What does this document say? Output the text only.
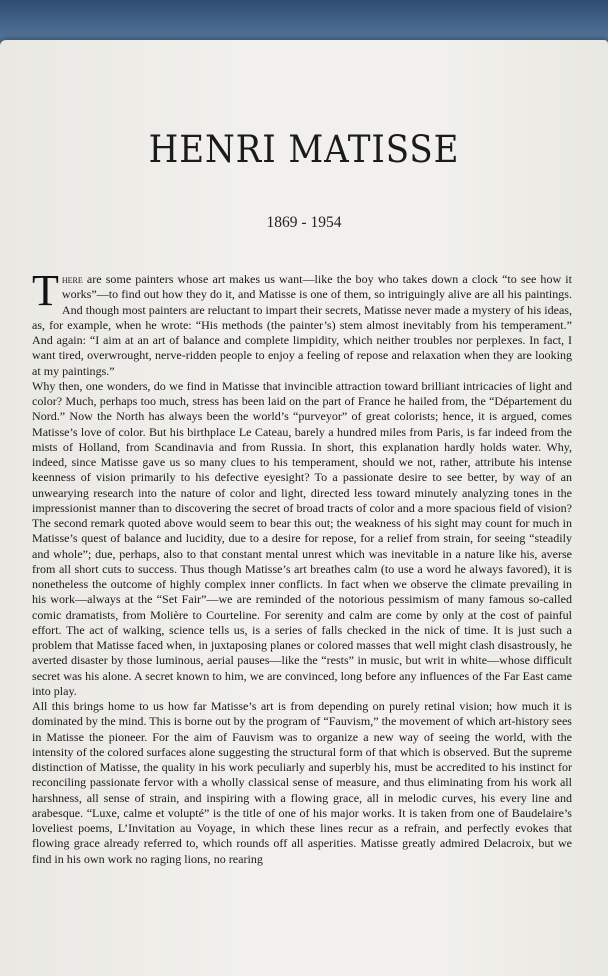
HENRI MATISSE
1869 - 1954

There are some painters whose art makes us want—like the boy who takes down a clock “to see how it works”—to find out how they do it, and Matisse is one of them, so intriguingly alive are all his paintings. And though most painters are reluctant to impart their secrets, Matisse never made a mystery of his ideas, as, for example, when he wrote: “His methods (the painter’s) stem almost inevitably from his temperament.” And again: “I aim at an art of balance and complete limpidity, which neither troubles nor perplexes. In fact, I want tired, overwrought, nerve-ridden people to enjoy a feeling of repose and relaxation when they are looking at my paintings.”

Why then, one wonders, do we find in Matisse that invincible attraction toward brilliant intricacies of light and color? Much, perhaps too much, stress has been laid on the part of France he hailed from, the “Département du Nord.” Now the North has always been the world’s “purveyor” of great colorists; hence, it is argued, comes Matisse’s love of color. But his birthplace Le Cateau, barely a hundred miles from Paris, is far indeed from the mists of Holland, from Scandinavia and from Russia. In short, this explanation hardly holds water. Why, indeed, since Matisse gave us so many clues to his temperament, should we not, rather, attribute his intense keenness of vision primarily to his defective eyesight? To a passionate desire to see better, by way of an unwearying research into the nature of color and light, directed less toward minutely analyzing tones in the impressionist manner than to discovering the secret of broad tracts of color and a more spacious field of vision? The second remark quoted above would seem to bear this out; the weakness of his sight may count for much in Matisse’s quest of balance and lucidity, due to a desire for repose, for a relief from strain, for seeing “steadily and whole”; due, perhaps, also to that constant mental unrest which was inevitable in a nature like his, averse from all short cuts to success. Thus though Matisse’s art breathes calm (to use a word he always favored), it is nonetheless the outcome of highly complex inner conflicts. In fact when we observe the climate prevailing in his work—always at the “Set Fair”—we are reminded of the notorious pessimism of many famous so-called comic dramatists, from Molière to Courteline. For serenity and calm are come by only at the cost of painful effort. The act of walking, science tells us, is a series of falls checked in the nick of time. It is just such a problem that Matisse faced when, in juxtaposing planes or colored masses that well might clash disastrously, he averted disaster by those luminous, aerial pauses—like the “rests” in music, but writ in white—whose difficult secret was his alone. A secret known to him, we are convinced, long before any influences of the Far East came into play.

All this brings home to us how far Matisse’s art is from depending on purely retinal vision; how much it is dominated by the mind. This is borne out by the program of “Fauvism,” the movement of which art-history sees in Matisse the pioneer. For the aim of Fauvism was to organize a new way of seeing the world, with the intensity of the colored surfaces alone suggesting the structural form of that which is observed. But the supreme distinction of Matisse, the quality in his work peculiarly and superbly his, must be accredited to his instinct for reconciling passionate fervor with a wholly classical sense of measure, and thus eliminating from his work all harshness, all sense of strain, and inspiring with a flowing grace, all in melodic curves, his every line and arabesque. “Luxe, calme et volupté” is the title of one of his major works. It is taken from one of Baudelaire’s loveliest poems, L’Invitation au Voyage, in which these lines recur as a refrain, and perfectly evokes that flowing grace already referred to, which rounds off all asperities. Matisse greatly admired Delacroix, but we find in his own work no raging lions, no rearing
